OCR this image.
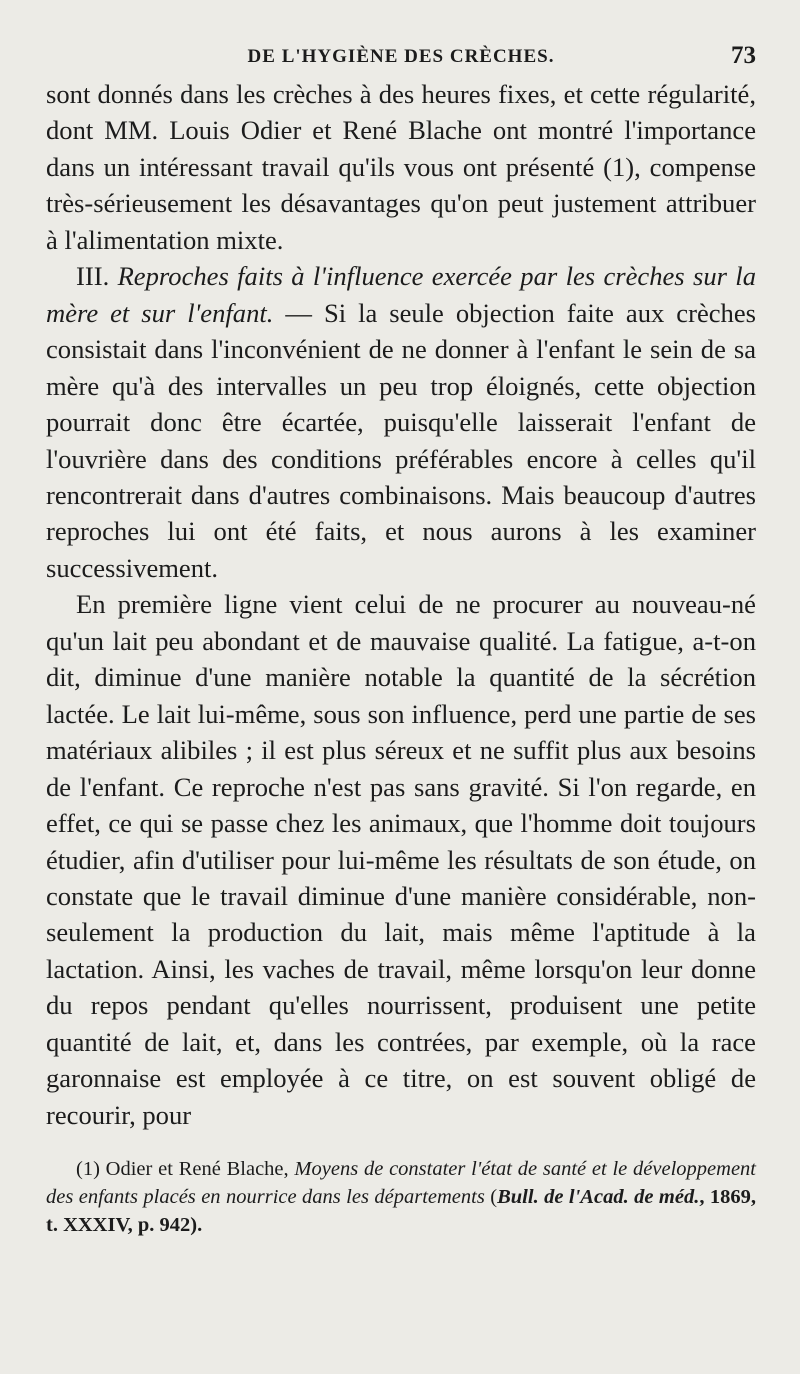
DE L'HYGIÈNE DES CRÈCHES.	73

sont donnés dans les crèches à des heures fixes, et cette régularité, dont MM. Louis Odier et René Blache ont montré l'importance dans un intéressant travail qu'ils vous ont présenté (1), compense très-sérieusement les désavantages qu'on peut justement attribuer à l'alimentation mixte.

III. Reproches faits à l'influence exercée par les crèches sur la mère et sur l'enfant. — Si la seule objection faite aux crèches consistait dans l'inconvénient de ne donner à l'enfant le sein de sa mère qu'à des intervalles un peu trop éloignés, cette objection pourrait donc être écartée, puisqu'elle laisserait l'enfant de l'ouvrière dans des conditions préférables encore à celles qu'il rencontrerait dans d'autres combinaisons. Mais beaucoup d'autres reproches lui ont été faits, et nous aurons à les examiner successivement.

En première ligne vient celui de ne procurer au nouveau-né qu'un lait peu abondant et de mauvaise qualité. La fatigue, a-t-on dit, diminue d'une manière notable la quantité de la sécrétion lactée. Le lait lui-même, sous son influence, perd une partie de ses matériaux alibiles ; il est plus séreux et ne suffit plus aux besoins de l'enfant. Ce reproche n'est pas sans gravité. Si l'on regarde, en effet, ce qui se passe chez les animaux, que l'homme doit toujours étudier, afin d'utiliser pour lui-même les résultats de son étude, on constate que le travail diminue d'une manière considérable, non-seulement la production du lait, mais même l'aptitude à la lactation. Ainsi, les vaches de travail, même lorsqu'on leur donne du repos pendant qu'elles nourrissent, produisent une petite quantité de lait, et, dans les contrées, par exemple, où la race garonnaise est employée à ce titre, on est souvent obligé de recourir, pour

(1) Odier et René Blache, Moyens de constater l'état de santé et le développement des enfants placés en nourrice dans les départements (Bull. de l'Acad. de méd., 1869, t. XXXIV, p. 942).
